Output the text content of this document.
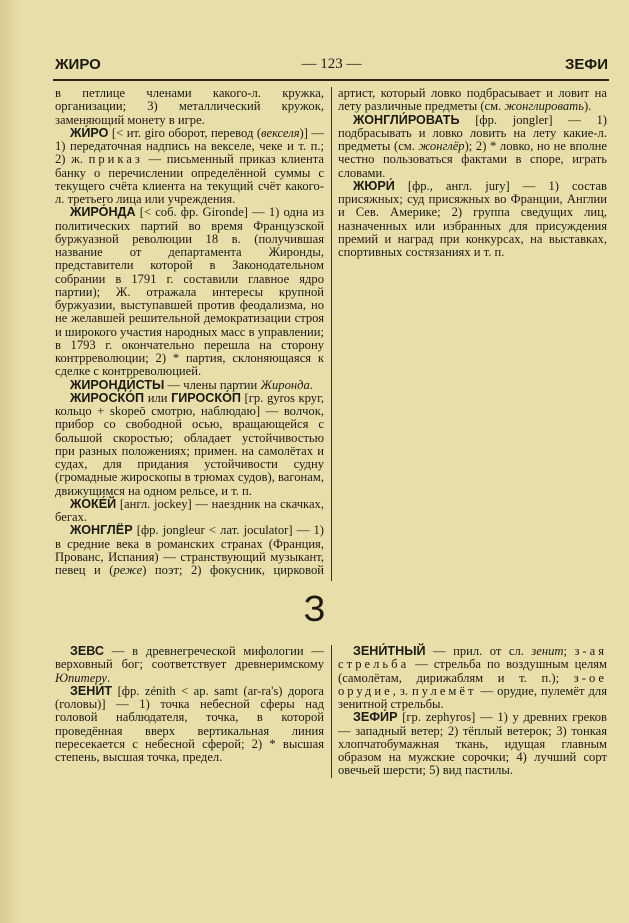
ЖИРО	— 123 —	ЗЕФИ

в петлице членами какого-л. кружка, организации; 3) металлический кружок, заменяющий монету в игре.

ЖИ́РО [< ит. giro оборот, перевод (векселя)] — 1) передаточная надпись на векселе, чеке и т. п.; 2) ж. приказ — письменный приказ клиента банку о перечислении определённой суммы с текущего счёта клиента на текущий счёт какого-л. третьего лица или учреждения.

ЖИРО́НДА [< соб. фр. Gironde] — 1) одна из политических партий во время Французской буржуазной революции 18 в. (получившая название от департамента Жиронды, представители которой в Законодательном собрании в 1791 г. составили главное ядро партии); Ж. отражала интересы крупной буржуазии, выступавшей против феодализма, но не желавшей решительной демократизации строя и широкого участия народных масс в управлении; в 1793 г. окончательно перешла на сторону контрреволюции; 2) * партия, склоняющаяся к сделке с контрреволюцией.

ЖИРОНДИ́СТЫ — члены партии Жиронда.

ЖИРОСКО́П или ГИРОСКО́П [гр. gyros круг, кольцо + skopeō смотрю, наблюдаю] — волчок, прибор со свободной осью, вращающейся с большой скоростью; обладает устойчивостью при разных положениях; примен. на самолётах и судах, для придания устойчивости судну (громадные жироскопы в трюмах судов), вагонам, движущимся на одном рельсе, и т. п.

ЖОКЕ́Й [англ. jockey] — наездник на скачках, бегах.

ЖОНГЛЁР [фр. jongleur < лат. joculator] — 1) в средние века в романских странах (Франция, Прованс, Испания) — странствующий музыкант, певец и (реже) поэт; 2) фокусник, цирковой артист, который ловко подбрасывает и ловит на лету различные предметы (см. жонглировать).

ЖОНГЛИ́РОВАТЬ [фр. jongler] — 1) подбрасывать и ловко ловить на лету какие-л. предметы (см. жонглёр); 2) * ловко, но не вполне честно пользоваться фактами в споре, играть словами.

ЖЮРИ́ [фр., англ. jury] — 1) состав присяжных; суд присяжных во Франции, Англии и Сев. Америке; 2) группа сведущих лиц, назначенных или избранных для присуждения премий и наград при конкурсах, на выставках, спортивных состязаниях и т. п.

З

ЗЕВС — в древнегреческой мифологии — верховный бог; соответствует древнеримскому Юпитеру.

ЗЕНИ́Т [фр. zénith < ар. samt (ar-ra's) дорога (головы)] — 1) точка небесной сферы над головой наблюдателя, точка, в которой проведённая вверх вертикальная линия пересекается с небесной сферой; 2) * высшая степень, высшая точка, предел.

ЗЕНИ́ТНЫЙ — прил. от сл. зенит; з-ая стрельба — стрельба по воздушным целям (самолётам, дирижаблям и т. п.); з-ое орудие, з. пулемёт — орудие, пулемёт для зенитной стрельбы.

ЗЕФИ́Р [гр. zephyros] — 1) у древних греков — западный ветер; 2) тёплый ветерок; 3) тонкая хлопчатобумажная ткань, идущая главным образом на мужские сорочки; 4) лучший сорт овечьей шерсти; 5) вид пастилы.
